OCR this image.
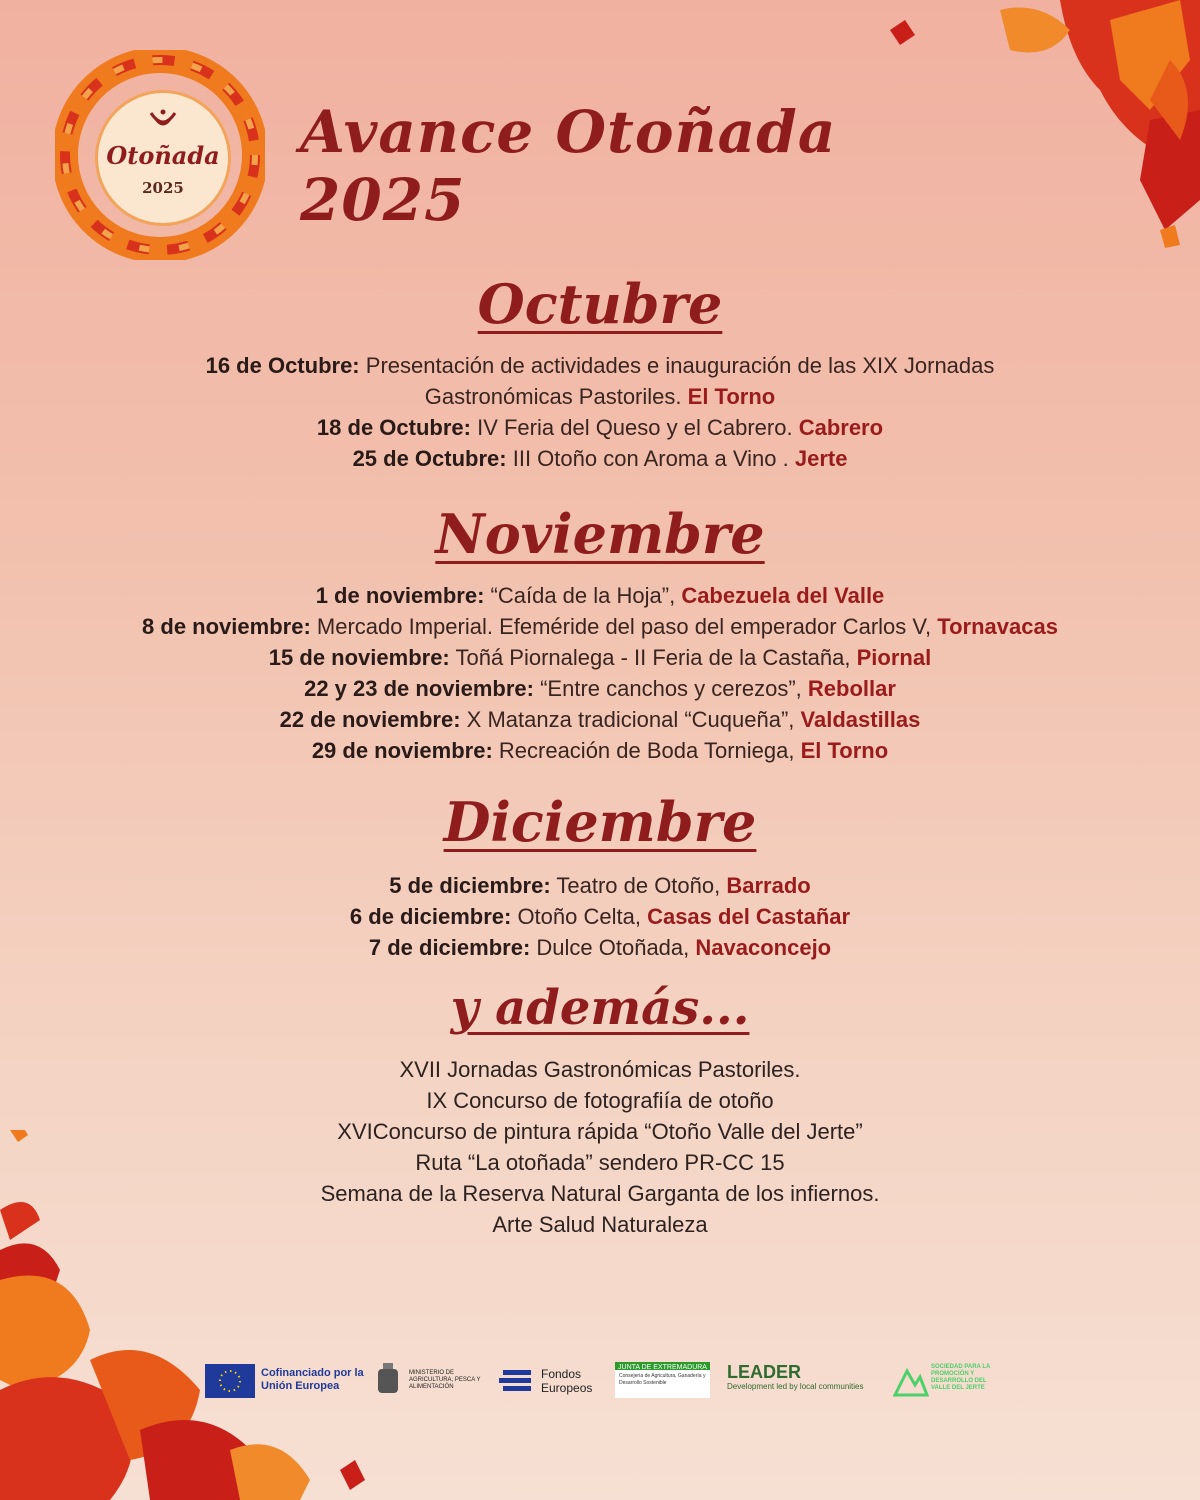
Otoñada
2025
Avance Otoñada 2025
Octubre
16 de Octubre: Presentación de actividades e inauguración de las XIX Jornadas
Gastronómicas Pastoriles. El Torno
18 de Octubre: IV Feria del Queso y el Cabrero. Cabrero
25 de Octubre: III Otoño con Aroma a Vino . Jerte
Noviembre
1 de noviembre: “Caída de la Hoja”, Cabezuela del Valle
8 de noviembre: Mercado Imperial. Efeméride del paso del emperador Carlos V, Tornavacas
15 de noviembre: Toñá Piornalega - II Feria de la Castaña, Piornal
22 y 23 de noviembre: “Entre canchos y cerezos”, Rebollar
22 de noviembre: X Matanza tradicional “Cuqueña”, Valdastillas
29 de noviembre: Recreación de Boda Torniega, El Torno
Diciembre
5 de diciembre: Teatro de Otoño, Barrado
6 de diciembre: Otoño Celta, Casas del Castañar
7 de diciembre: Dulce Otoñada, Navaconcejo
y además...
XVII Jornadas Gastronómicas Pastoriles.
IX Concurso de fotografiía de otoño
XVIConcurso de pintura rápida “Otoño Valle del Jerte”
Ruta “La otoñada” sendero PR-CC 15
Semana de la Reserva Natural Garganta de los infiernos.
Arte Salud Naturaleza
Cofinanciado por la Unión Europea
MINISTERIO DE AGRICULTURA, PESCA Y ALIMENTACIÓN
Fondos Europeos
JUNTA DE EXTREMADURA
Consejería de Agricultura, Ganadería y Desarrollo Sostenible
LEADER
Development led by local communities
SOCIEDAD PARA LA PROMOCIÓN Y DESARROLLO DEL VALLE DEL JERTE
